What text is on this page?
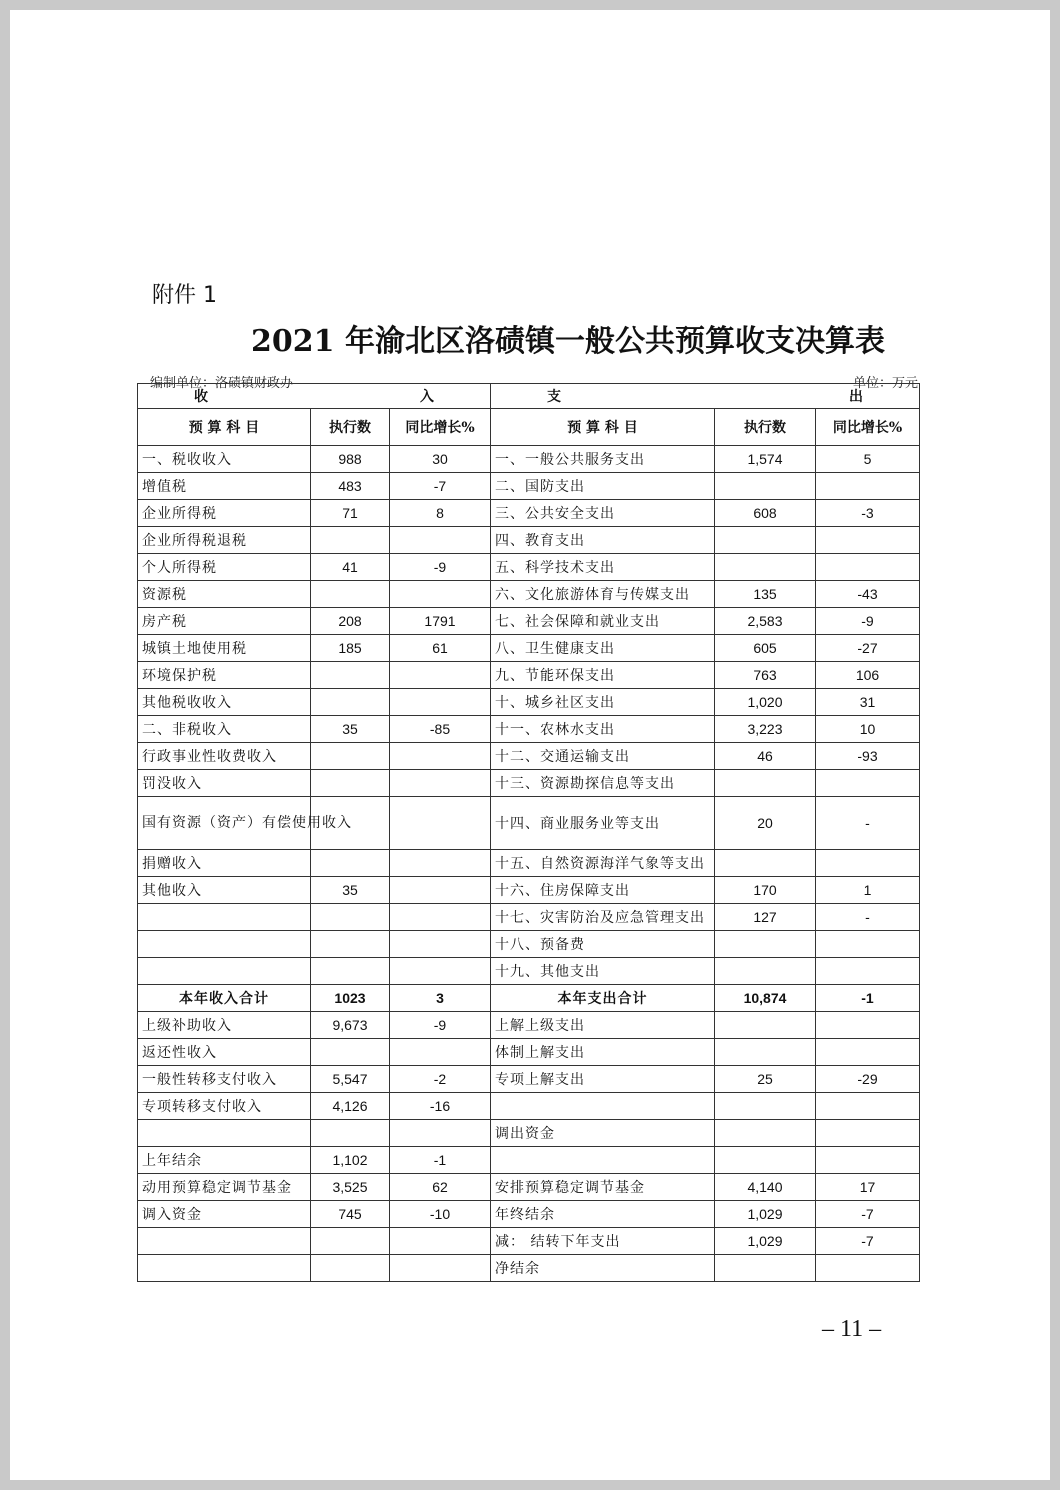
附件 1
2021 年渝北区洛碛镇一般公共预算收支决算表
编制单位：洛碛镇财政办	单位：万元
– 11 –
收 入			支 出		

预 算 科 目	执行数	同比增长%	预 算 科 目	执行数	同比增长%
一、税收收入	988	30	一、一般公共服务支出	1,574	5
增值税	483	-7	二、国防支出		
企业所得税	71	8	三、公共安全支出	608	-3
企业所得税退税			四、教育支出		
个人所得税	41	-9	五、科学技术支出		
资源税			六、文化旅游体育与传媒支出	135	-43
房产税	208	1791	七、社会保障和就业支出	2,583	-9
城镇土地使用税	185	61	八、卫生健康支出	605	-27
环境保护税			九、节能环保支出	763	106
其他税收收入			十、城乡社区支出	1,020	31
二、非税收入	35	-85	十一、农林水支出	3,223	10
行政事业性收费收入			十二、交通运输支出	46	-93
罚没收入			十三、资源勘探信息等支出		
国有资源（资产）有偿使用收入			十四、商业服务业等支出	20	-
捐赠收入			十五、自然资源海洋气象等支出		
其他收入	35		十六、住房保障支出	170	1
			十七、灾害防治及应急管理支出	127	-
			十八、预备费		
			十九、其他支出		
本年收入合计	1023	3	本年支出合计	10,874	-1
上级补助收入	9,673	-9	上解上级支出		
返还性收入			体制上解支出		
一般性转移支付收入	5,547	-2	专项上解支出	25	-29
专项转移支付收入	4,126	-16			
			调出资金		
上年结余	1,102	-1			
动用预算稳定调节基金	3,525	62	安排预算稳定调节基金	4,140	17
调入资金	745	-10	年终结余	1,029	-7
			减： 结转下年支出	1,029	-7
			净结余		
